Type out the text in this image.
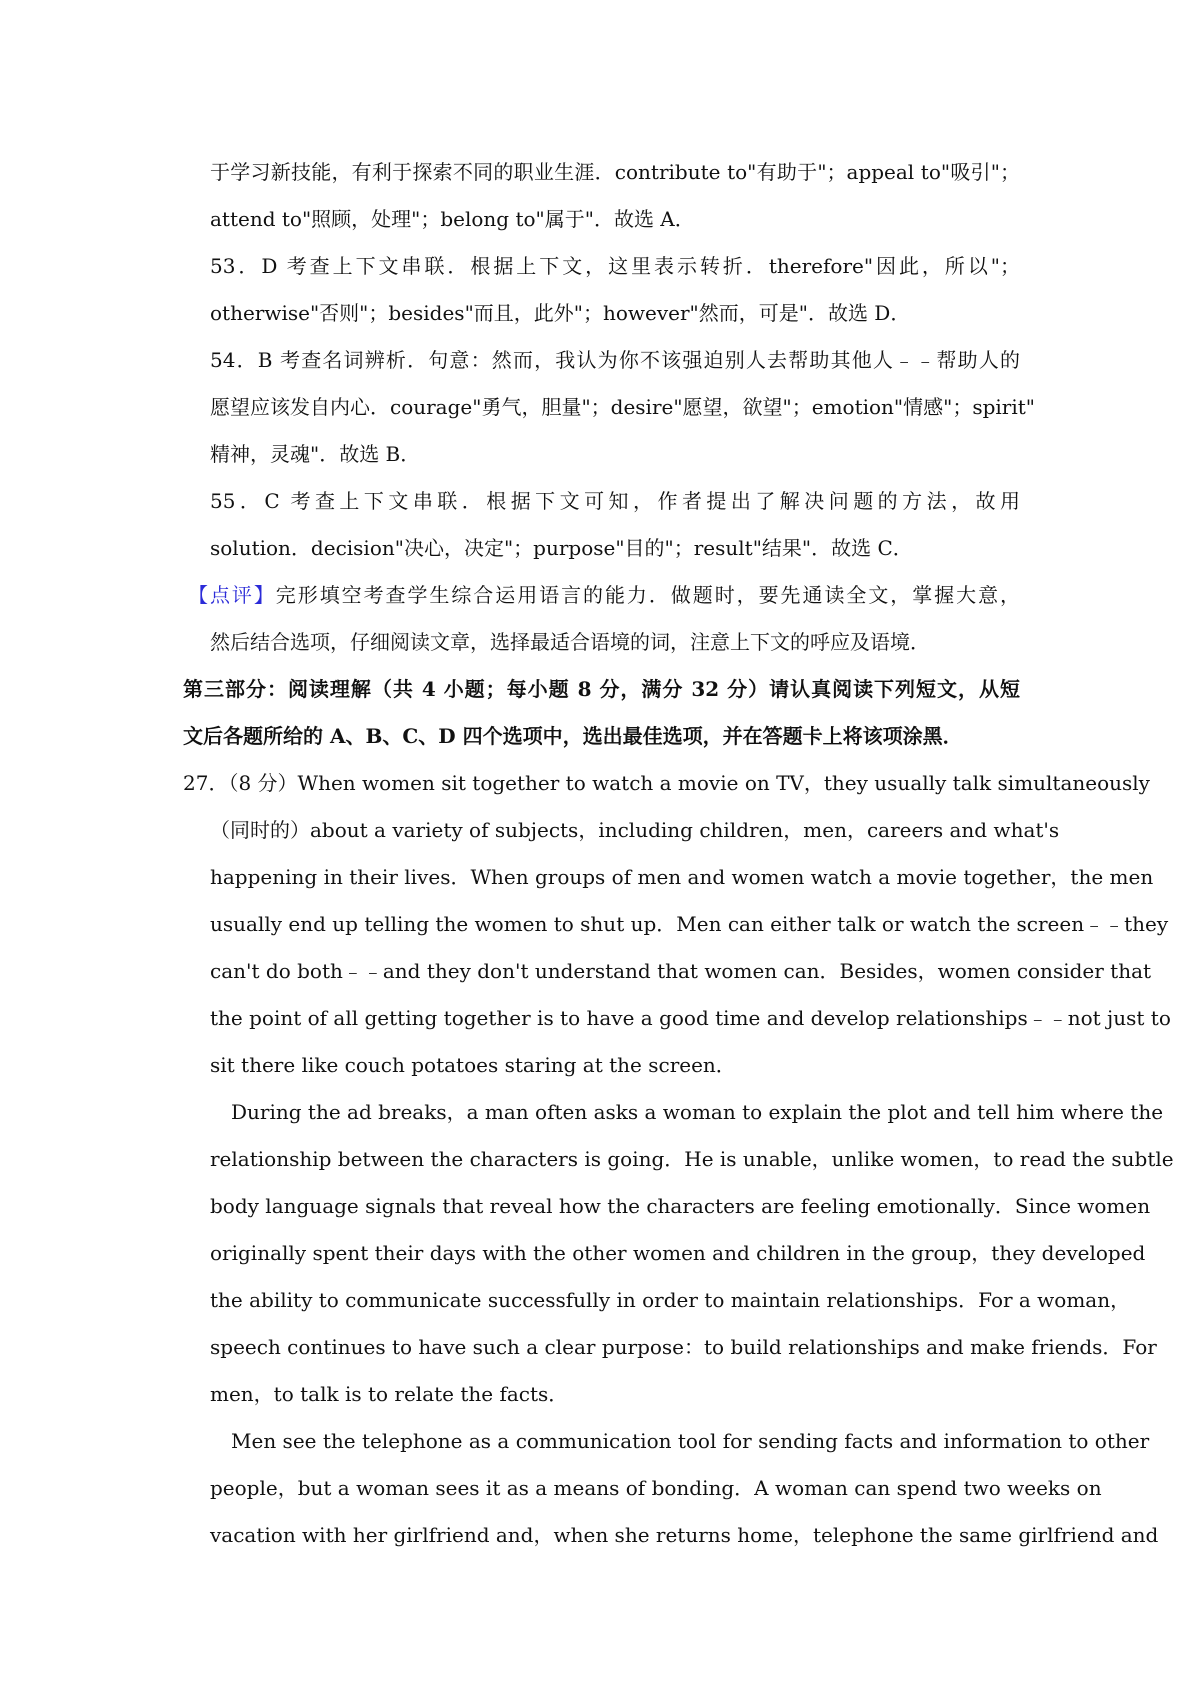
于学习新技能，有利于探索不同的职业生涯．contribute to"有助于"；appeal to"吸引"；
attend to"照顾，处理"；belong to"属于"．故选 A．
53．D 考查上下文串联．根据上下文，这里表示转折．therefore"因此，所以"；
otherwise"否则"；besides"而且，此外"；however"然而，可是"．故选 D．
54．B 考查名词辨析．句意：然而，我认为你不该强迫别人去帮助其他人﹣﹣帮助人的
愿望应该发自内心．courage"勇气，胆量"；desire"愿望，欲望"；emotion"情感"；spirit"
精神，灵魂"．故选 B．
55．C 考查上下文串联．根据下文可知，作者提出了解决问题的方法，故用
solution．decision"决心，决定"；purpose"目的"；result"结果"．故选 C．
【点评】完形填空考查学生综合运用语言的能力．做题时，要先通读全文，掌握大意，
然后结合选项，仔细阅读文章，选择最适合语境的词，注意上下文的呼应及语境．
第三部分：阅读理解（共 4 小题；每小题 8 分，满分 32 分）请认真阅读下列短文，从短
文后各题所给的 A、B、C、D 四个选项中，选出最佳选项，并在答题卡上将该项涂黑．
27．（8 分）When women sit together to watch a movie on TV，they usually talk simultaneously
（同时的）about a variety of subjects，including children，men，careers and what's
happening in their lives．When groups of men and women watch a movie together，the men
usually end up telling the women to shut up．Men can either talk or watch the screen﹣﹣they
can't do both﹣﹣and they don't understand that women can．Besides，women consider that
the point of all getting together is to have a good time and develop relationships﹣﹣not just to
sit there like couch potatoes staring at the screen．
During the ad breaks，a man often asks a woman to explain the plot and tell him where the
relationship between the characters is going．He is unable，unlike women，to read the subtle
body language signals that reveal how the characters are feeling emotionally．Since women
originally spent their days with the other women and children in the group，they developed
the ability to communicate successfully in order to maintain relationships．For a woman，
speech continues to have such a clear purpose：to build relationships and make friends．For
men，to talk is to relate the facts．
Men see the telephone as a communication tool for sending facts and information to other
people，but a woman sees it as a means of bonding．A woman can spend two weeks on
vacation with her girlfriend and，when she returns home，telephone the same girlfriend and
